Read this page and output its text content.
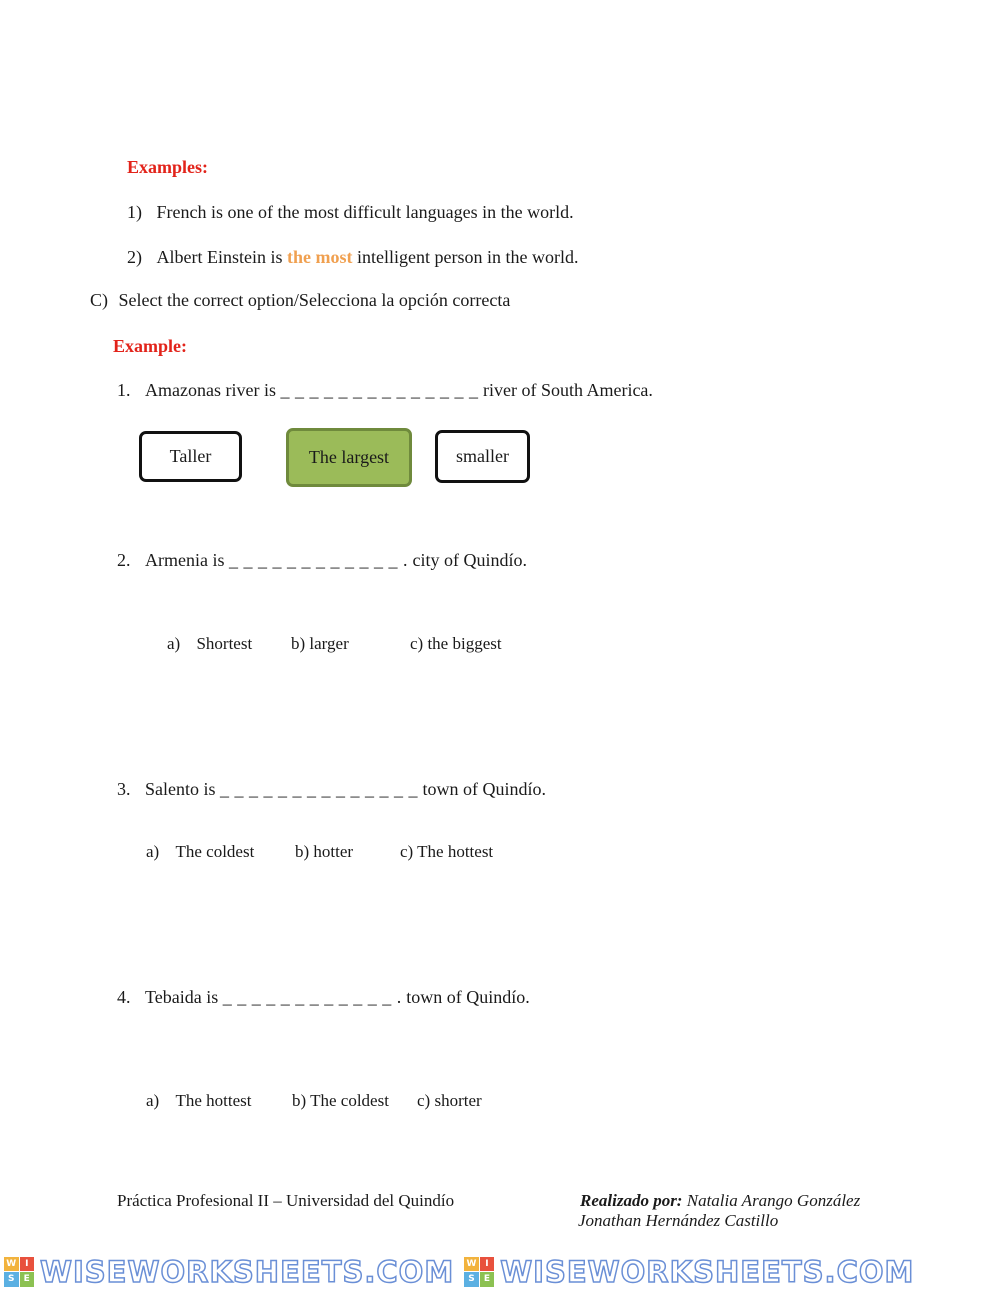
Examples:
1) French is one of the most difficult languages in the world.
2) Albert Einstein is the most intelligent person in the world.
C) Select the correct option/Selecciona la opción correcta
Example:
1. Amazonas river is _ _ _ _ _ _ _ _ _ _ _ _ _ _ river of South America.
Taller	The largest	smaller
2. Armenia is _ _ _ _ _ _ _ _ _ _ _ _ . city of Quindío.
a) Shortest b) larger	c) the biggest
3. Salento is _ _ _ _ _ _ _ _ _ _ _ _ _ _ town of Quindío.
a) The coldest b) hotter	c) The hottest
4. Tebaida is _ _ _ _ _ _ _ _ _ _ _ _ . town of Quindío.
a) The hottest b) The coldest c) shorter
Práctica Profesional II – Universidad del Quindío	Realizado por: Natalia Arango González
Jonathan Hernández Castillo
W I
S	E WISEWORKSHEETS.COM W I
S	E WISEWORKSHEETS.COM
